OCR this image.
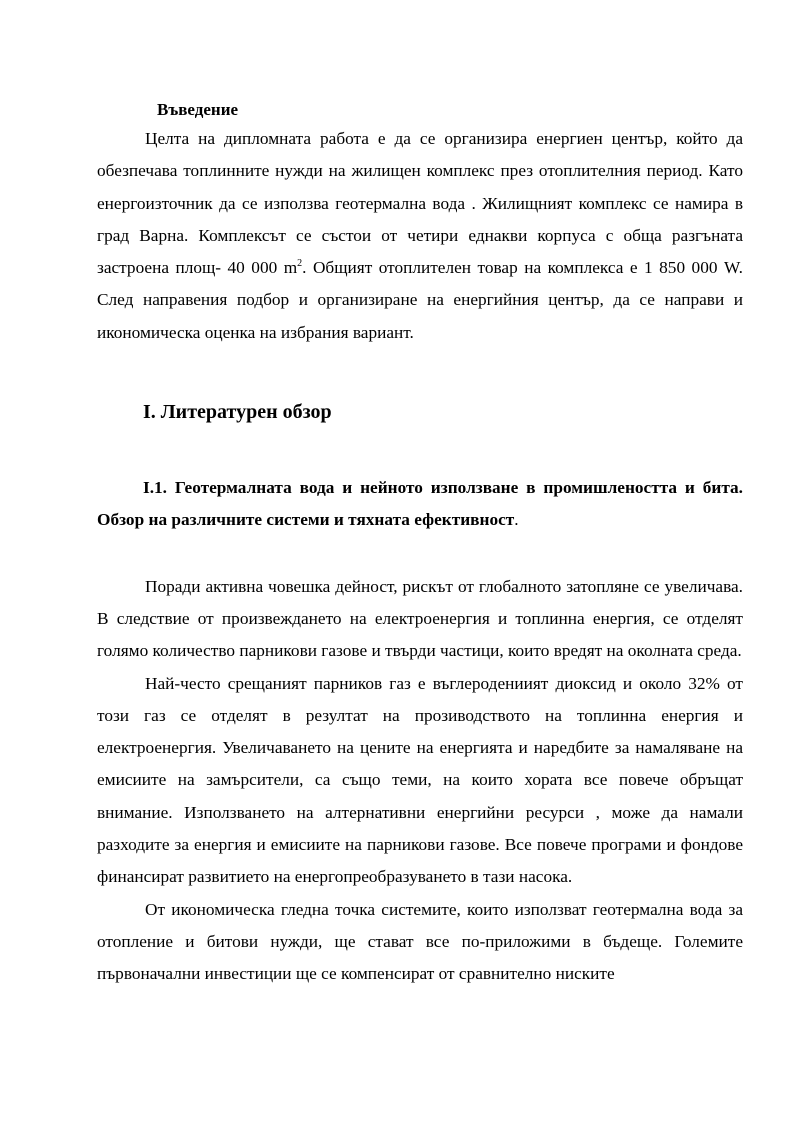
Въведение

Целта на дипломната работа е да се организира енергиен център, който да обезпечава топлинните нужди на жилищен комплекс през отоплителния период. Като енергоизточник да се използва геотермална вода . Жилищният комплекс се намира в град Варна. Комплексът се състои от четири еднакви корпуса с обща разгъната застроена площ- 40 000 $m^2$. Общият отоплителен товар на комплекса е 1 850 000 W. След направения подбор и организиране на енергийния център, да се направи и икономическа оценка на избрания вариант.

I. Литературен обзор

I.1. Геотермалната вода и нейното използване в промишлеността и бита. Обзор на различните системи и тяхната ефективност.

Поради активна човешка дейност, рискът от глобалното затопляне се увеличава. В следствие от произвеждането на електроенергия и топлинна енергия, се отделят голямо количество парникови газове и твърди частици, които вредят на околната среда.

Най-често срещаният парников газ е въглеродениият диоксид и около 32% от този газ се отделят в резултат на прозиводството на топлинна енергия и електроенергия. Увеличаването на цените на енергията и наредбите за намаляване на емисиите на замърсители, са също теми, на които хората все повече обръщат внимание. Използването на алтернативни енергийни ресурси , може да намали разходите за енергия и емисиите на парникови газове. Все повече програми и фондове финансират развитието на енергопреобразуването в тази насока.

От икономическа гледна точка системите, които използват геотермална вода за отопление и битови нужди, ще стават все по-приложими в бъдеще. Големите първоначални инвестиции ще се компенсират от сравнително ниските
